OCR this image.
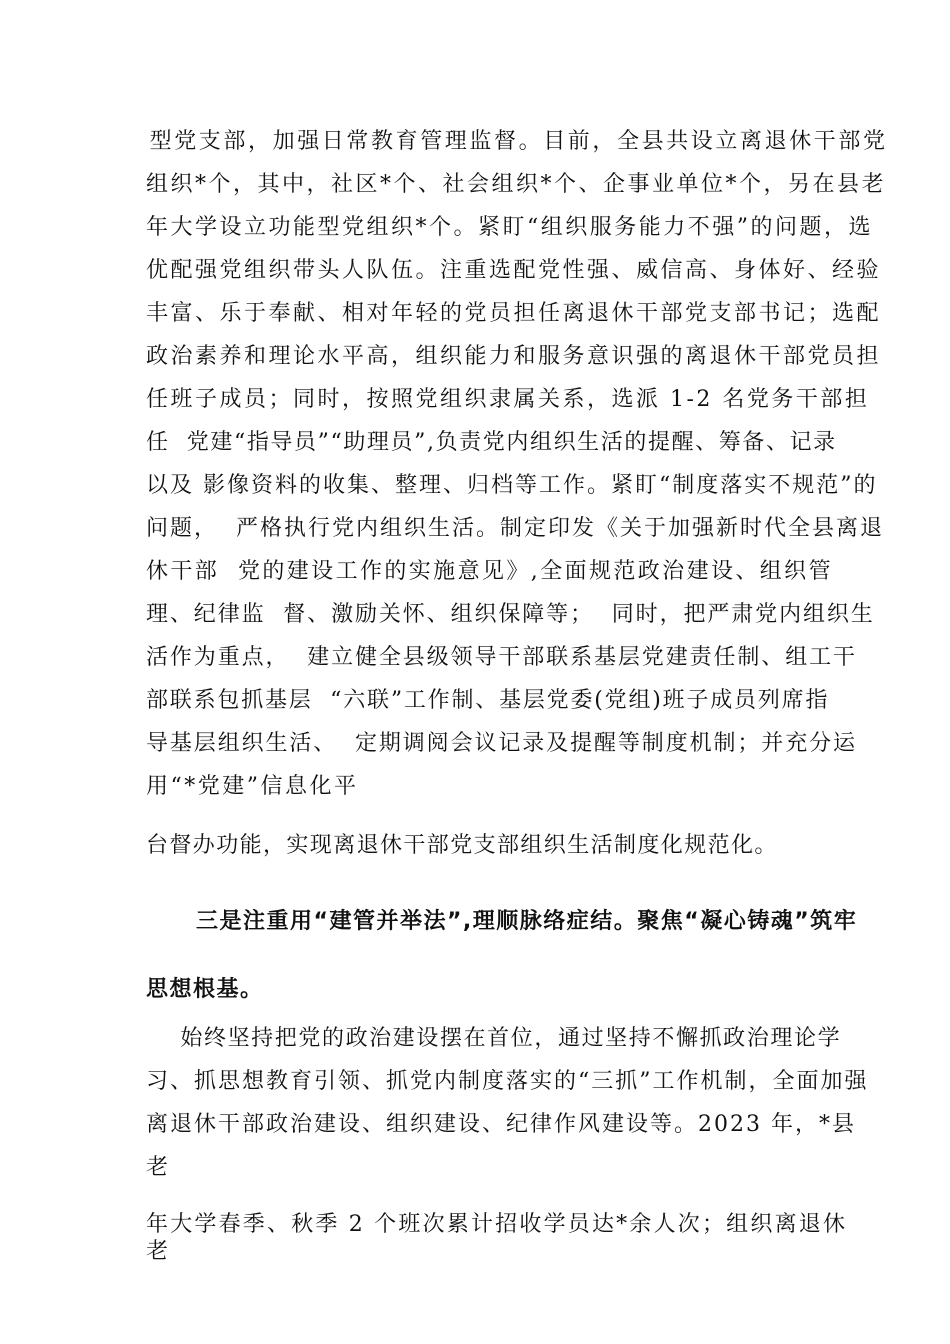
型党支部，加强日常教育管理监督。目前，全县共设立离退休干部党
组织*个，其中，社区*个、社会组织*个、企事业单位*个，另在县老
年大学设立功能型党组织*个。紧盯“组织服务能力不强”的问题，选
优配强党组织带头人队伍。注重选配党性强、威信高、身体好、经验
丰富、乐于奉献、相对年轻的党员担任离退休干部党支部书记；选配
政治素养和理论水平高，组织能力和服务意识强的离退休干部党员担
任班子成员；同时，按照党组织隶属关系，选派 1-2 名党务干部担
任  党建“指导员”“助理员”,负责党内组织生活的提醒、筹备、记录
以及 影像资料的收集、整理、归档等工作。紧盯“制度落实不规范”的
问题，  严格执行党内组织生活。制定印发《关于加强新时代全县离退
休干部  党的建设工作的实施意见》,全面规范政治建设、组织管
理、纪律监  督、激励关怀、组织保障等；  同时，把严肃党内组织生
活作为重点，  建立健全县级领导干部联系基层党建责任制、组工干
部联系包抓基层  “六联”工作制、基层党委(党组)班子成员列席指
导基层组织生活、  定期调阅会议记录及提醒等制度机制；并充分运
用“*党建”信息化平
台督办功能，实现离退休干部党支部组织生活制度化规范化。
三是注重用“建管并举法”,理顺脉络症结。聚焦“凝心铸魂”筑牢
思想根基。
始终坚持把党的政治建设摆在首位，通过坚持不懈抓政治理论学
习、抓思想教育引领、抓党内制度落实的“三抓”工作机制，全面加强
离退休干部政治建设、组织建设、纪律作风建设等。2023 年，*县
老
年大学春季、秋季 2 个班次累计招收学员达*余人次；组织离退休
老
